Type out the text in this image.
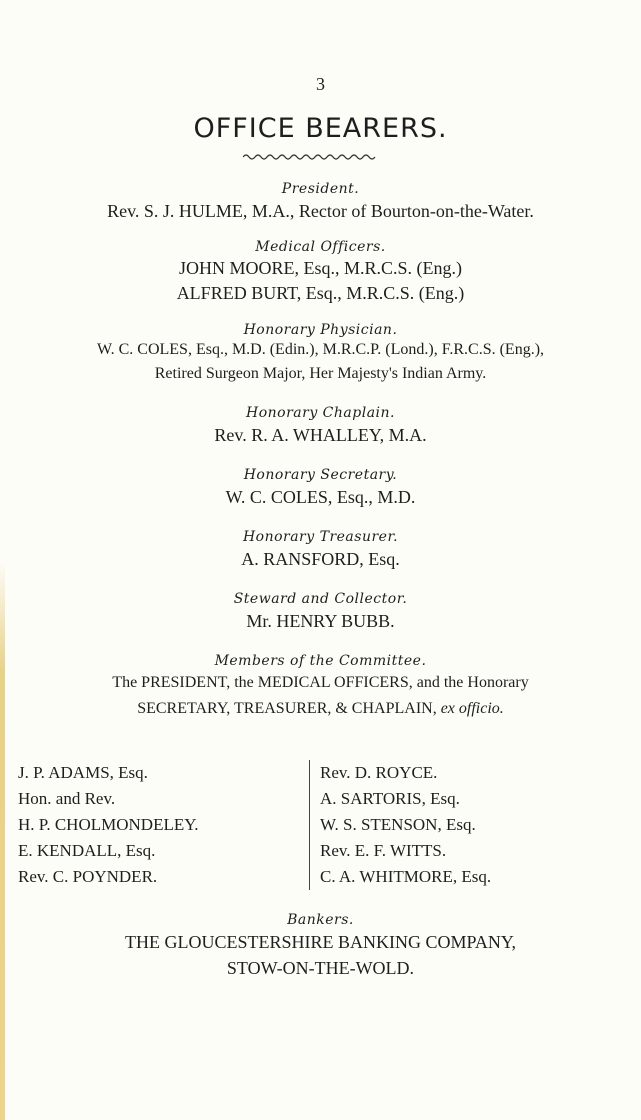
3
OFFICE BEARERS.
President.
Rev. S. J. HULME, M.A., Rector of Bourton-on-the-Water.
Medical Officers.
JOHN MOORE, Esq., M.R.C.S. (Eng.)
ALFRED BURT, Esq., M.R.C.S. (Eng.)
Honorary Physician.
W. C. COLES, Esq., M.D. (Edin.), M.R.C.P. (Lond.), F.R.C.S. (Eng.),
Retired Surgeon Major, Her Majesty's Indian Army.
Honorary Chaplain.
Rev. R. A. WHALLEY, M.A.
Honorary Secretary.
W. C. COLES, Esq., M.D.
Honorary Treasurer.
A. RANSFORD, Esq.
Steward and Collector.
Mr. HENRY BUBB.
Members of the Committee.
The PRESIDENT, the MEDICAL OFFICERS, and the Honorary
SECRETARY, TREASURER, & CHAPLAIN, ex officio.
J. P. ADAMS, Esq.
Hon. and Rev.
H. P. CHOLMONDELEY.
E. KENDALL, Esq.
Rev. C. POYNDER.
Rev. D. ROYCE.
A. SARTORIS, Esq.
W. S. STENSON, Esq.
Rev. E. F. WITTS.
C. A. WHITMORE, Esq.
Bankers.
THE GLOUCESTERSHIRE BANKING COMPANY,
STOW-ON-THE-WOLD.
